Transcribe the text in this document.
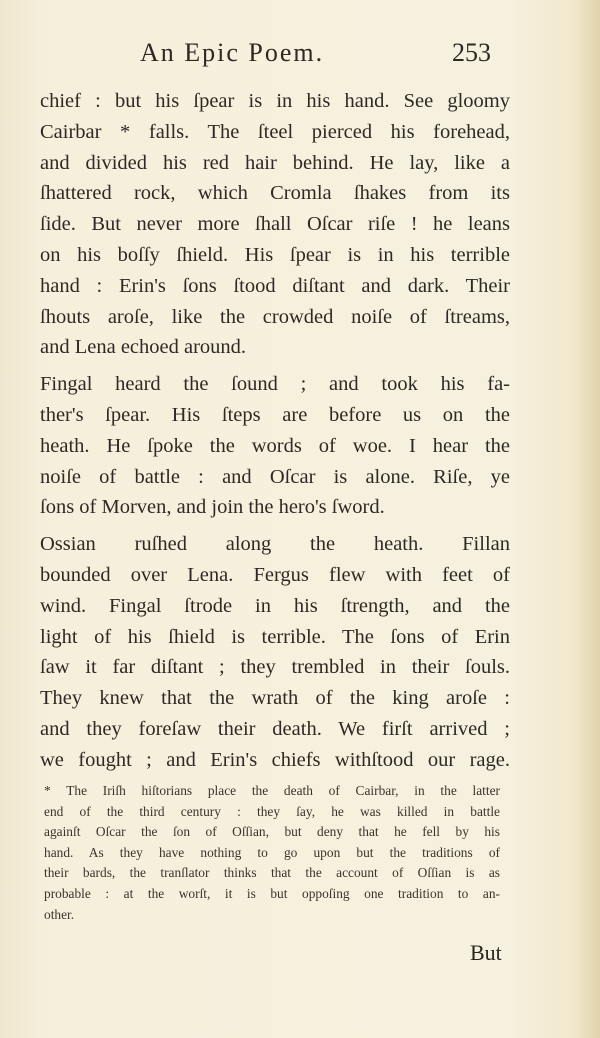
An Epic Poem.	253
chief : but his ſpear is in his hand. See gloomy
Cairbar * falls. The ſteel pierced his forehead,
and divided his red hair behind. He lay, like a
ſhattered rock, which Cromla ſhakes from its
ſide. But never more ſhall Oſcar riſe ! he leans
on his boſſy ſhield. His ſpear is in his terrible
hand : Erin's ſons ſtood diſtant and dark. Their
ſhouts aroſe, like the crowded noiſe of ſtreams,
and Lena echoed around.
Fingal heard the ſound ; and took his fa-
ther's ſpear. His ſteps are before us on the
heath. He ſpoke the words of woe. I hear the
noiſe of battle : and Oſcar is alone. Riſe, ye
ſons of Morven, and join the hero's ſword.
Ossian ruſhed along the heath. Fillan
bounded over Lena. Fergus flew with feet of
wind. Fingal ſtrode in his ſtrength, and the
light of his ſhield is terrible. The ſons of Erin
ſaw it far diſtant ; they trembled in their ſouls.
They knew that the wrath of the king aroſe :
and they foreſaw their death. We firſt arrived ;
we fought ; and Erin's chiefs withſtood our rage.
* The Iriſh hiſtorians place the death of Cairbar, in the latter
end of the third century : they ſay, he was killed in battle
againſt Oſcar the ſon of Oſſian, but deny that he fell by his
hand. As they have nothing to go upon but the traditions of
their bards, the tranſlator thinks that the account of Oſſian is as
probable : at the worſt, it is but oppoſing one tradition to an-
other.
But
